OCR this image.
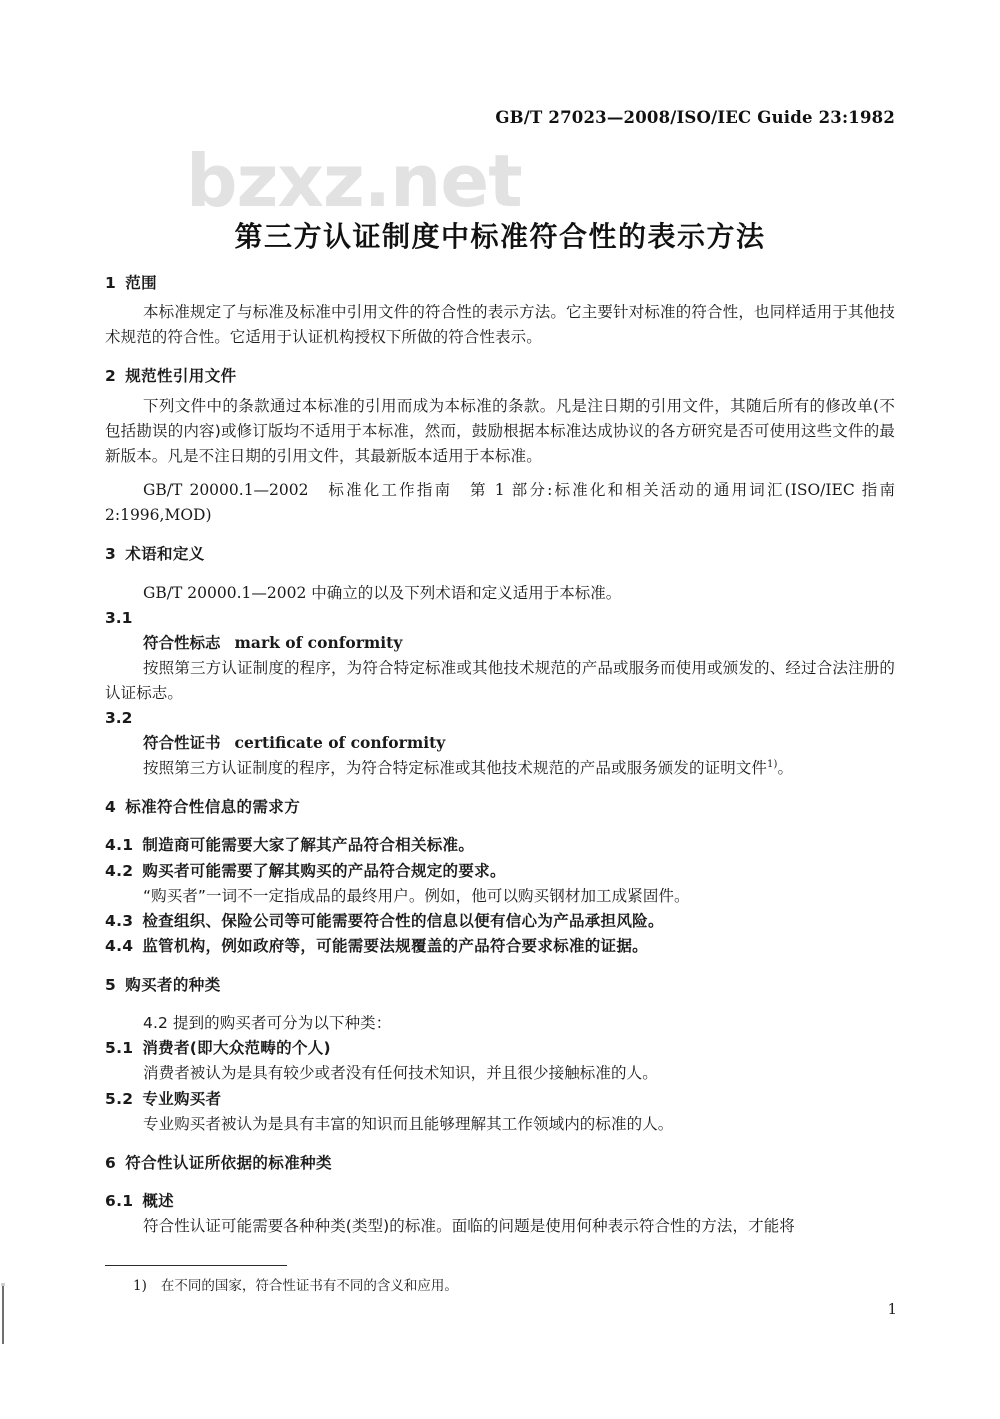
bzxz.net
GB/T 27023—2008/ISO/IEC Guide 23:1982
第三方认证制度中标准符合性的表示方法
1 范围

本标准规定了与标准及标准中引用文件的符合性的表示方法。它主要针对标准的符合性，也同样适用于其他技术规范的符合性。它适用于认证机构授权下所做的符合性表示。

2 规范性引用文件

下列文件中的条款通过本标准的引用而成为本标准的条款。凡是注日期的引用文件，其随后所有的修改单(不包括勘误的内容)或修订版均不适用于本标准，然而，鼓励根据本标准达成协议的各方研究是否可使用这些文件的最新版本。凡是不注日期的引用文件，其最新版本适用于本标准。

GB/T 20000.1—2002　标准化工作指南　第 1 部分:标准化和相关活动的通用词汇(ISO/IEC 指南 2:1996,MOD)

3 术语和定义

GB/T 20000.1—2002 中确立的以及下列术语和定义适用于本标准。

3.1

符合性标志 mark of conformity

按照第三方认证制度的程序，为符合特定标准或其他技术规范的产品或服务而使用或颁发的、经过合法注册的认证标志。

3.2

符合性证书 certificate of conformity

按照第三方认证制度的程序，为符合特定标准或其他技术规范的产品或服务颁发的证明文件$^{1)}$。

4 标准符合性信息的需求方
4.1 制造商可能需要大家了解其产品符合相关标准。
4.2 购买者可能需要了解其购买的产品符合规定的要求。

“购买者”一词不一定指成品的最终用户。例如，他可以购买钢材加工成紧固件。

4.3 检查组织、保险公司等可能需要符合性的信息以便有信心为产品承担风险。
4.4 监管机构，例如政府等，可能需要法规覆盖的产品符合要求标准的证据。
5 购买者的种类

4.2 提到的购买者可分为以下种类：

5.1 消费者(即大众范畴的个人)

消费者被认为是具有较少或者没有任何技术知识，并且很少接触标准的人。

5.2 专业购买者

专业购买者被认为是具有丰富的知识而且能够理解其工作领域内的标准的人。

6 符合性认证所依据的标准种类
6.1 概述

符合性认证可能需要各种种类(类型)的标准。面临的问题是使用何种表示符合性的方法，才能将

1) 在不同的国家，符合性证书有不同的含义和应用。
1
